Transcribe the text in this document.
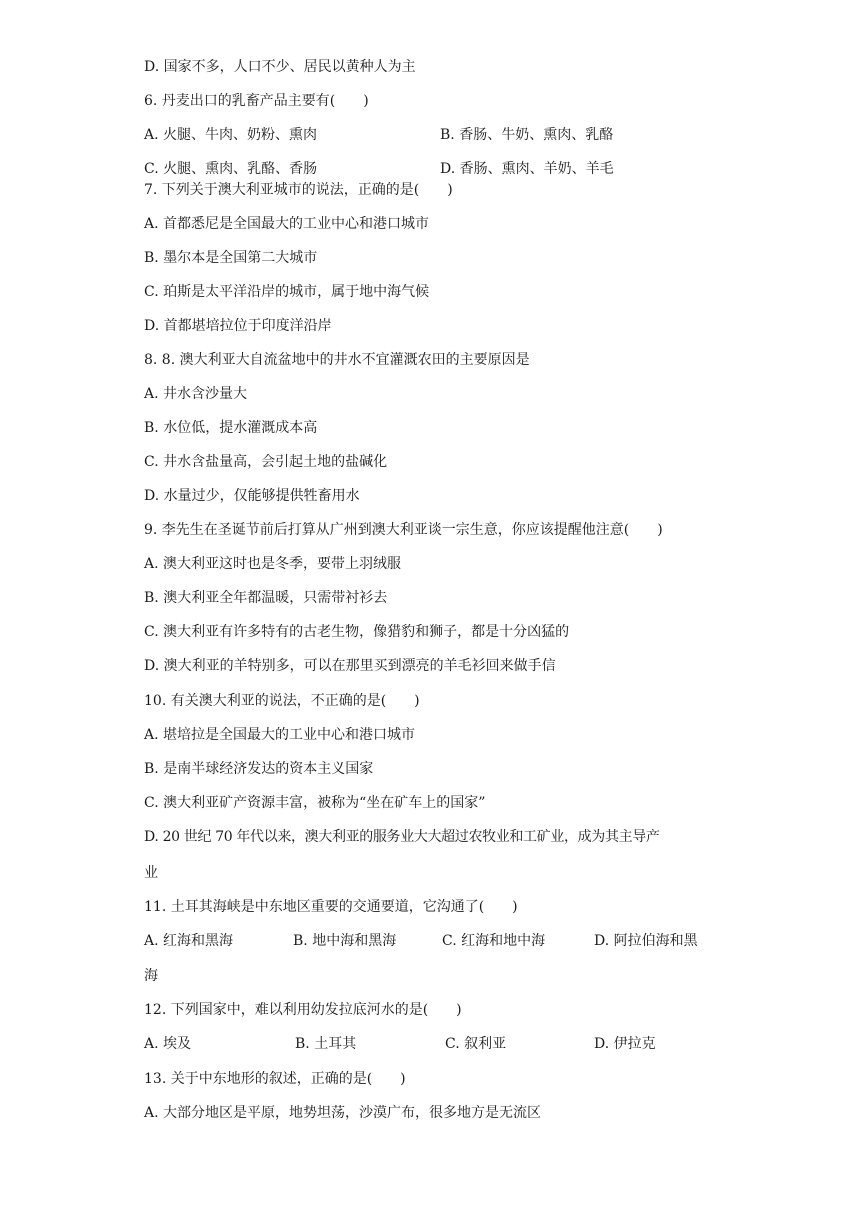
D. 国家不多，人口不少、居民以黄种人为主
6. 丹麦出口的乳畜产品主要有(　　)
A. 火腿、牛肉、奶粉、熏肉	B. 香肠、牛奶、熏肉、乳酪
C. 火腿、熏肉、乳酪、香肠	D. 香肠、熏肉、羊奶、羊毛
7. 下列关于澳大利亚城市的说法，正确的是(　　)
A. 首都悉尼是全国最大的工业中心和港口城市
B. 墨尔本是全国第二大城市
C. 珀斯是太平洋沿岸的城市，属于地中海气候
D. 首都堪培拉位于印度洋沿岸
8. 8. 澳大利亚大自流盆地中的井水不宜灌溉农田的主要原因是
A. 井水含沙量大
B. 水位低，提水灌溉成本高
C. 井水含盐量高，会引起土地的盐碱化
D. 水量过少，仅能够提供牲畜用水
9. 李先生在圣诞节前后打算从广州到澳大利亚谈一宗生意，你应该提醒他注意(　　)
A. 澳大利亚这时也是冬季，要带上羽绒服
B. 澳大利亚全年都温暖，只需带衬衫去
C. 澳大利亚有许多特有的古老生物，像猎豹和狮子，都是十分凶猛的
D. 澳大利亚的羊特别多，可以在那里买到漂亮的羊毛衫回来做手信
10. 有关澳大利亚的说法，不正确的是(　　)
A. 堪培拉是全国最大的工业中心和港口城市
B. 是南半球经济发达的资本主义国家
C. 澳大利亚矿产资源丰富，被称为“坐在矿车上的国家”
D. 20 世纪 70 年代以来，澳大利亚的服务业大大超过农牧业和工矿业，成为其主导产
业
11. 土耳其海峡是中东地区重要的交通要道，它沟通了(　　)
A. 红海和黑海	B. 地中海和黑海	C. 红海和地中海	D. 阿拉伯海和黑
海
12. 下列国家中，难以利用幼发拉底河水的是(　　)
A. 埃及	B. 土耳其	C. 叙利亚	D. 伊拉克
13. 关于中东地形的叙述，正确的是(　　)
A. 大部分地区是平原，地势坦荡，沙漠广布，很多地方是无流区
